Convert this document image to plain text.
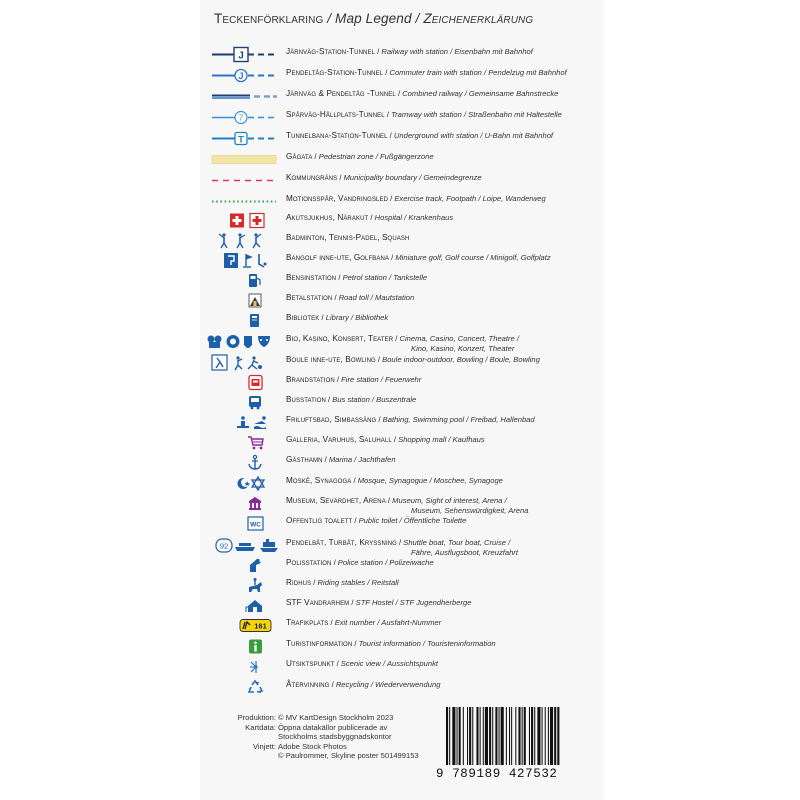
Teckenförklaring / Map Legend / Zeichenerklärung
J	Järnväg-Station-Tunnel / Railway with station / Eisenbahn mit Bahnhof
J	Pendeltåg-Station-Tunnel / Commuter train with station / Pendelzug mit Bahnhof
Järnväg & Pendeltåg -Tunnel / Combined railway / Gemeinsame Bahnstrecke
7	Spårväg-Hållplats-Tunnel / Tramway with station / Straßenbahn mit Haltestelle
T	Tunnelbana-Station-Tunnel / Underground with station / U-Bahn mit Bahnhof
Gågata / Pedestrian zone / Fußgängerzone
Kommungräns / Municipality boundary / Gemeindegrenze
Motionsspår, Vandringsled / Exercise track, Footpath / Loipe, Wanderweg
Akutsjukhus, Närakut / Hospital / Krankenhaus
Badminton, Tennis-Padel, Squash
Bangolf inne-ute, Golfbana / Miniature golf, Golf course / Minigolf, Golfplatz
Bensinstation / Petrol station / Tankstelle
Betalstation / Road toll / Mautstation
Bibliotek / Library / Bibliothek
Bio, Kasino, Konsert, Teater / Cinema, Casino, Concert, Theatre /
Kino, Kasino, Konzert, Theater
Boule inne-ute, Bowling / Boule indoor-outdoor, Bowling / Boule, Bowling
Brandstation / Fire station / Feuerwehr
Busstation / Bus station / Buszentrale
Friluftsbad, Simbassäng / Bathing, Swimming pool / Freibad, Hallenbad
Galleria, Varuhus, Saluhall / Shopping mall / Kaufhaus
Gästhamn / Marina / Jachthafen
Moské, Synagoga / Mosque, Synagogue / Moschee, Synagoge
Museum, Sevärdhet, Arena / Museum, Sight of interest, Arena /
Museum, Sehenswürdigkeit, Arena
WC	Offentlig toalett / Public toilet / Öffentliche Toilette
92	Pendelbåt, Turbåt, Kryssning / Shuttle boat, Tour boat, Cruise /
Fähre, Ausflugsboot, Kreuzfahrt
Polisstation / Police station / Polizeiwache
Ridhus / Riding stables / Reitstall
STF Vandrarhem / STF Hostel / STF Jugendherberge
161 Trafikplats / Exit number / Ausfahrt-Nummer
Turistinformation / Tourist information / Touristeninformation
Utsiktspunkt / Scenic view / Aussichtspunkt
Återvinning / Recycling / Wiederverwendung
Produktion: © MV KartDesign Stockholm 2023
Kartdata: Öppna datakällor publicerade av
Stockholms stadsbyggnadskontor
Vinjett: Adobe Stock Photos
© Paulrommer, Skyline poster 501499153
9 789189 427532
